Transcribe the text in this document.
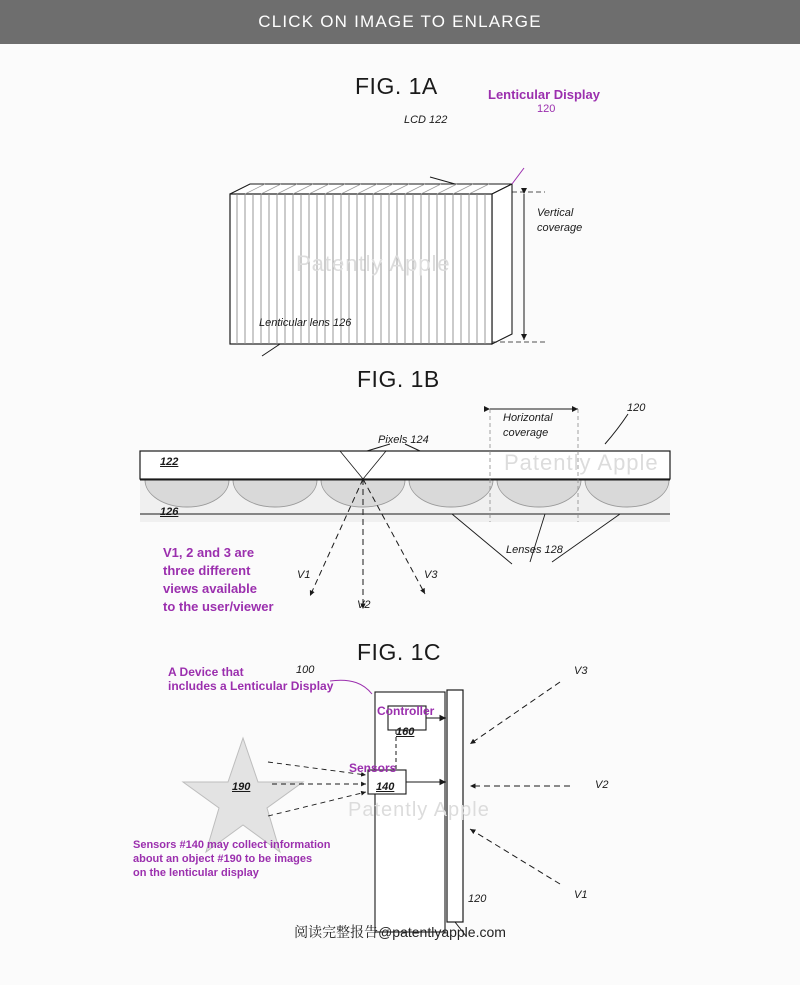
CLICK ON IMAGE TO ENLARGE
FIG. 1A
LCD 122
Lenticular Display
120
Vertical
coverage
Lenticular lens 126
Patently Apple
FIG. 1B
Horizontal
coverage
120
Pixels 124
122
126
Lenses 128
V1
V2
V3
Patently Apple
V1, 2 and 3 are
three different
views available
to the user/viewer
FIG. 1C
A Device that
includes a Lenticular Display
100
Controller
160
Sensors
140
190
120
V3
V2
V1
Patently Apple
Sensors #140 may collect information
about an object #190 to be images
on the lenticular display
阅读完整报告@patentlyapple.com
